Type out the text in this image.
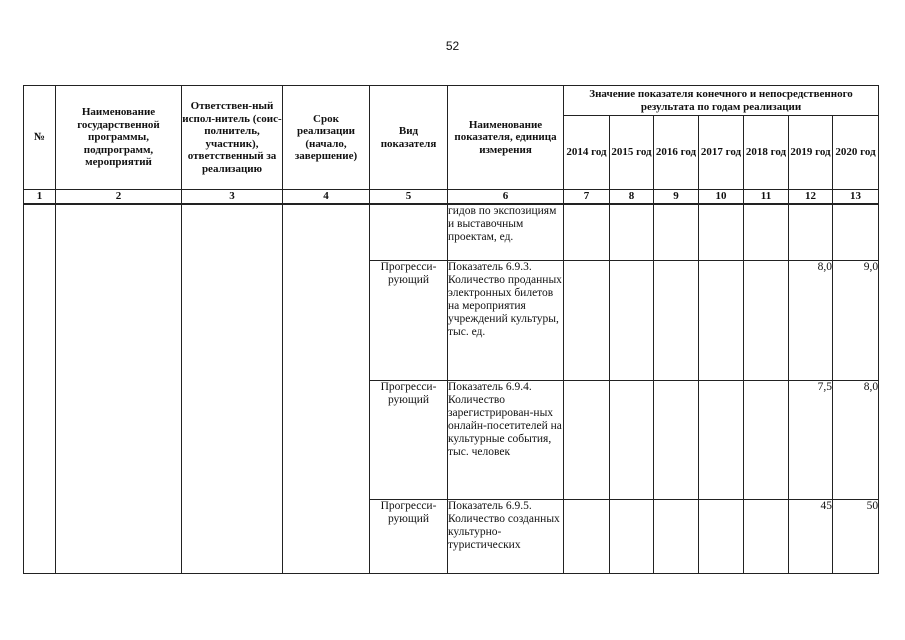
52
№	Наименование государственной программы, подпрограмм, мероприятий	Ответствен-ный испол-нитель (соис-полнитель, участник), ответственный за реализацию	Срок реализации (начало, завершение)	Вид показателя	Наименование показателя, единица измерения	Значение показателя конечного и непосредственного результата по годам реализации						
						2014 год	2015 год	2016 год	2017 год	2018 год	2019 год	2020 год
1	2	3	4	5	6	7	8	9	10	11	12	13
					гидов по экспозициям и выставочным проектам, ед.							
				Прогресси-рующий	Показатель 6.9.3. Количество проданных электронных билетов на мероприятия учреждений культуры, тыс. ед.						8,0	9,0
				Прогресси-рующий	Показатель 6.9.4. Количество зарегистрирован-ных онлайн-посетителей на культурные события, тыс. человек						7,5	8,0
				Прогресси-рующий	Показатель 6.9.5. Количество созданных культурно-туристических						45	50
